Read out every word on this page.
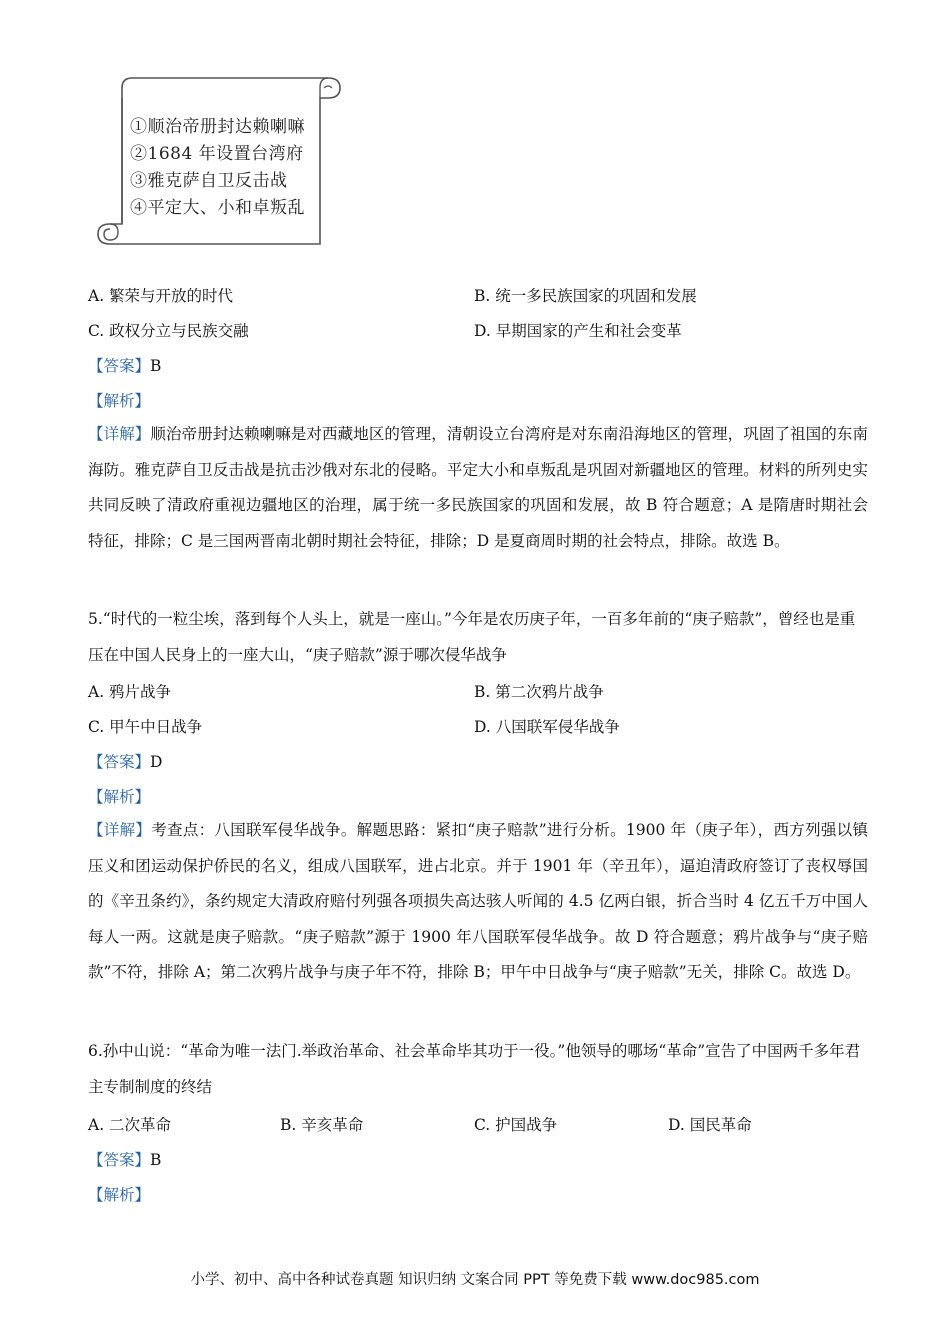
①顺治帝册封达赖喇嘛
②1684 年设置台湾府
③雅克萨自卫反击战
④平定大、小和卓叛乱
A. 繁荣与开放的时代	B. 统一多民族国家的巩固和发展
C. 政权分立与民族交融	D. 早期国家的产生和社会变革
【答案】B
【解析】
【详解】顺治帝册封达赖喇嘛是对西藏地区的管理，清朝设立台湾府是对东南沿海地区的管理，巩固了祖国的东南海防。雅克萨自卫反击战是抗击沙俄对东北的侵略。平定大小和卓叛乱是巩固对新疆地区的管理。材料的所列史实共同反映了清政府重视边疆地区的治理，属于统一多民族国家的巩固和发展，故 B 符合题意；A 是隋唐时期社会特征，排除；C 是三国两晋南北朝时期社会特征，排除；D 是夏商周时期的社会特点，排除。故选 B。
5.“时代的一粒尘埃，落到每个人头上，就是一座山。”今年是农历庚子年，一百多年前的“庚子赔款”，曾经也是重压在中国人民身上的一座大山，“庚子赔款”源于哪次侵华战争
A. 鸦片战争	B. 第二次鸦片战争
C. 甲午中日战争	D. 八国联军侵华战争
【答案】D
【解析】
【详解】考查点：八国联军侵华战争。解题思路：紧扣“庚子赔款”进行分析。1900 年（庚子年），西方列强以镇压义和团运动保护侨民的名义，组成八国联军，进占北京。并于 1901 年（辛丑年），逼迫清政府签订了丧权辱国的《辛丑条约》，条约规定大清政府赔付列强各项损失高达骇人听闻的 4.5 亿两白银，折合当时 4 亿五千万中国人每人一两。这就是庚子赔款。“庚子赔款”源于 1900 年八国联军侵华战争。故 D 符合题意；鸦片战争与“庚子赔款”不符，排除 A；第二次鸦片战争与庚子年不符，排除 B；甲午中日战争与“庚子赔款”无关，排除 C。故选 D。
6.孙中山说：“革命为唯一法门.举政治革命、社会革命毕其功于一役。”他领导的哪场“革命”宣告了中国两千多年君主专制制度的终结
A. 二次革命	B. 辛亥革命	C. 护国战争	D. 国民革命
【答案】B
【解析】
小学、初中、高中各种试卷真题 知识归纳 文案合同 PPT 等免费下载 www.doc985.com
